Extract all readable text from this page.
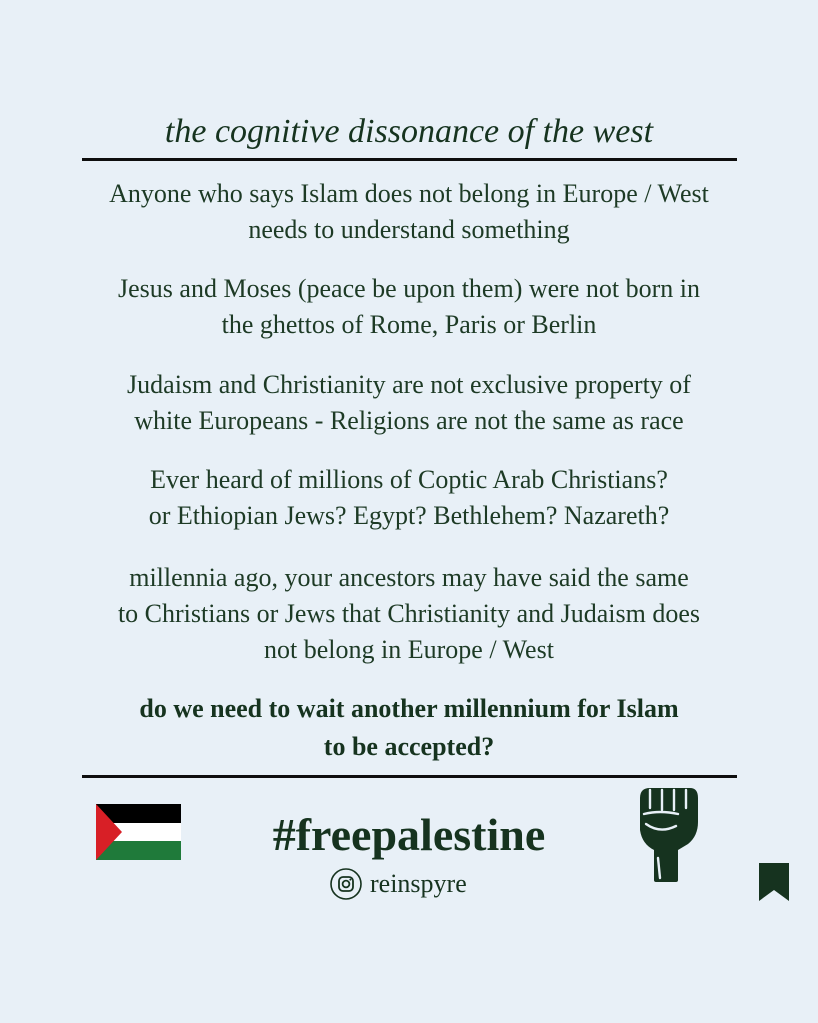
the cognitive dissonance of the west
Anyone who says Islam does not belong in Europe / West
needs to understand something
Jesus and Moses (peace be upon them) were not born in
the ghettos of Rome, Paris or Berlin
Judaism and Christianity are not exclusive property of
white Europeans - Religions are not the same as race
Ever heard of millions of Coptic Arab Christians?
or Ethiopian Jews? Egypt? Bethlehem? Nazareth?
millennia ago, your ancestors may have said the same
to Christians or Jews that Christianity and Judaism does
not belong in Europe / West
do we need to wait another millennium for Islam
to be accepted?
#freepalestine
reinspyre
